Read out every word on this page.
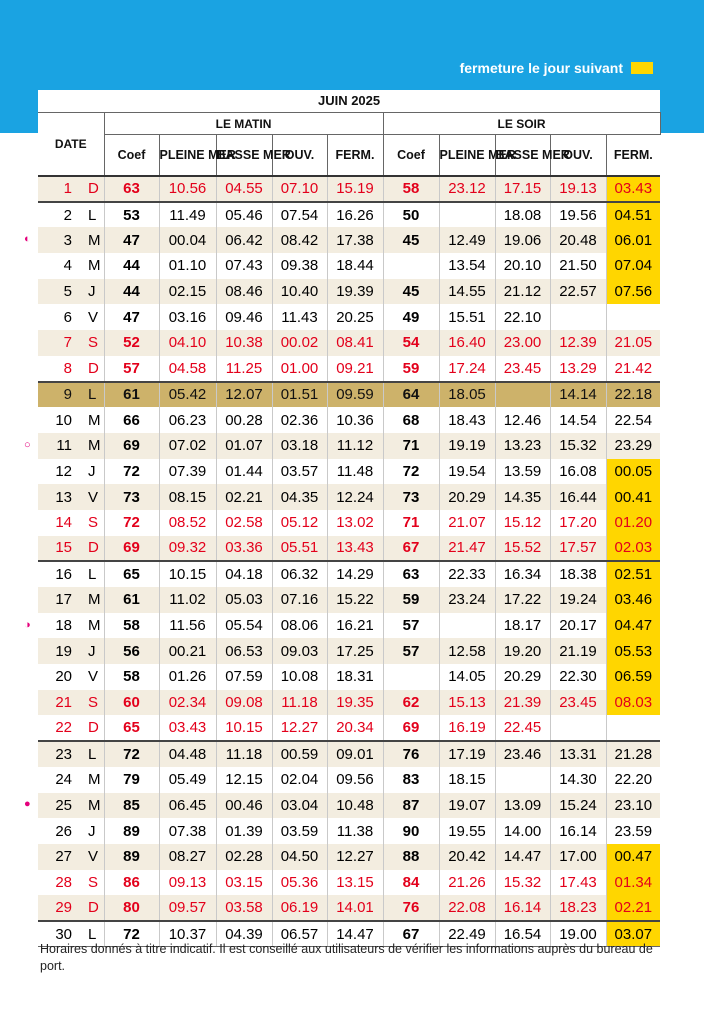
fermeture le jour suivant
JUIN 2025											
DATE		LE MATIN					LE SOIR				
		Coef	PLEINE MER	BASSE MER	OUV.	FERM.	Coef	PLEINE MER	BASSE MER	OUV.	FERM.
1	D	63	10.56	04.55	07.10	15.19	58	23.12	17.15	19.13	03.43
2	L	53	11.49	05.46	07.54	16.26	50		18.08	19.56	04.51
3	M	47	00.04	06.42	08.42	17.38	45	12.49	19.06	20.48	06.01
4	M	44	01.10	07.43	09.38	18.44		13.54	20.10	21.50	07.04
5	J	44	02.15	08.46	10.40	19.39	45	14.55	21.12	22.57	07.56
6	V	47	03.16	09.46	11.43	20.25	49	15.51	22.10		
7	S	52	04.10	10.38	00.02	08.41	54	16.40	23.00	12.39	21.05
8	D	57	04.58	11.25	01.00	09.21	59	17.24	23.45	13.29	21.42
9	L	61	05.42	12.07	01.51	09.59	64	18.05		14.14	22.18
10	M	66	06.23	00.28	02.36	10.36	68	18.43	12.46	14.54	22.54
11	M	69	07.02	01.07	03.18	11.12	71	19.19	13.23	15.32	23.29
12	J	72	07.39	01.44	03.57	11.48	72	19.54	13.59	16.08	00.05
13	V	73	08.15	02.21	04.35	12.24	73	20.29	14.35	16.44	00.41
14	S	72	08.52	02.58	05.12	13.02	71	21.07	15.12	17.20	01.20
15	D	69	09.32	03.36	05.51	13.43	67	21.47	15.52	17.57	02.03
16	L	65	10.15	04.18	06.32	14.29	63	22.33	16.34	18.38	02.51
17	M	61	11.02	05.03	07.16	15.22	59	23.24	17.22	19.24	03.46
18	M	58	11.56	05.54	08.06	16.21	57		18.17	20.17	04.47
19	J	56	00.21	06.53	09.03	17.25	57	12.58	19.20	21.19	05.53
20	V	58	01.26	07.59	10.08	18.31		14.05	20.29	22.30	06.59
21	S	60	02.34	09.08	11.18	19.35	62	15.13	21.39	23.45	08.03
22	D	65	03.43	10.15	12.27	20.34	69	16.19	22.45		
23	L	72	04.48	11.18	00.59	09.01	76	17.19	23.46	13.31	21.28
24	M	79	05.49	12.15	02.04	09.56	83	18.15		14.30	22.20
25	M	85	06.45	00.46	03.04	10.48	87	19.07	13.09	15.24	23.10
26	J	89	07.38	01.39	03.59	11.38	90	19.55	14.00	16.14	23.59
27	V	89	08.27	02.28	04.50	12.27	88	20.42	14.47	17.00	00.47
28	S	86	09.13	03.15	05.36	13.15	84	21.26	15.32	17.43	01.34
29	D	80	09.57	03.58	06.19	14.01	76	22.08	16.14	18.23	02.21
30	L	72	10.37	04.39	06.57	14.47	67	22.49	16.54	19.00	03.07
◐
○
◑
●
Horaires donnés à titre indicatif. Il est conseillé aux utilisateurs de vérifier les informations auprès du bureau de port.
